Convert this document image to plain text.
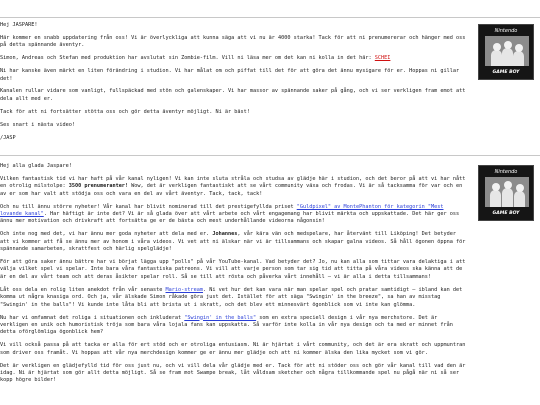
Hej JASPARE!

Här kommer en snabb uppdatering från oss! Vi är överlyckliga att kunna säga att vi nu är 4000 starka! Tack för att ni prenumererar och hänger med oss på detta spännande äventyr.

Simon, Andreas och Stefan med produktion har avslutat sin Zombie-film. Vill ni läsa mer om det kan ni kolla in det här: SCHEI

Ni har kanske även märkt en liten förändring i studion. Vi har målat om och piffat till det för att göra det ännu mysigare för er. Hoppas ni gillar det!

Kanalen rullar vidare som vanligt, fullspäckad med stön och galenskaper. Vi har massor av spännande saker på gång, och vi ser verkligen fram emot att dela allt med er.

Tack för att ni fortsätter stötta oss och gör detta äventyr möjligt. Ni är bäst!

Ses snart i nästa video!

/JASP

Nintendo
GAME BOY

Hej alla glada Jaspare!

Vilken fantastisk tid vi har haft på vår kanal nyligen! Vi kan inte sluta stråla och studsa av glädje här i studion, och det beror på att vi har nått en otrolig milstolpe: 3500 prenumeranter! Wow, det är verkligen fantastiskt att se vårt community växa och frodas. Vi är så tacksamma för var och en av er som har valt att stödja oss och vara en del av vårt äventyr. Tack, tack, tack!

Och nu till ännu större nyheter! Vår kanal har blivit nominerad till det prestigefyllda priset "Guldpixel" av MontePhanton för kategorin "Mest lovande kanal". Har häftigt är inte det? Vi är så glada över att vårt arbete och vårt engagemang har blivit märkta och uppskattade. Det här ger oss ännu mer motivation och drivkraft att fortsätta ge er de bästa och mest underhållande videorna någonsin!

Och inte nog med det, vi har ännu mer goda nyheter att dela med er. Johannes, vår kära vän och medspelare, har återvänt till Liköping! Det betyder att vi kommer att få se ännu mer av honom i våra videos. Vi vet att ni älskar när vi är tillsammans och skapar galna videos. Så håll ögonen öppna för spännande samarbeten, skrattfest och härlig spelglädje!

För att göra saker ännu bättre har vi börjat lägga upp "polls" på vår YouTube-kanal. Vad betyder det? Jo, nu kan alla som tittar vara delaktiga i att välja vilket spel vi spelar. Inte bara våra fantastiska patreons. Vi vill att varje person som tar sig tid att titta på våra videos ska känna att de är en del av vårt team och att deras åsikter spelar roll. Så se till att rösta och påverka vårt innehåll – vi är alla i detta tillsammans!

Låt oss dela en rolig liten anekdot från vår senaste Mario-stream. Ni vet hur det kan vara när man spelar spel och pratar samtidigt – ibland kan det komma ut några knasiga ord. Och ja, vår älskade Simon råkade göra just det. Istället för att säga "Swingin' in the breeze", sa han av misstag "Swingin' in the balls"! Vi kunde inte låta bli att brista ut i skratt, och det blev ett minnesvärt ögonblick som vi inte kan glömma.

Nu har vi omfamnat det roliga i situationen och inkluderat "Swingin' in the balls" som en extra speciell design i vår nya merchstore. Det är verkligen en unik och humoristisk tröja som bara våra lojala fans kan uppskatta. Så varför inte kolla in vår nya design och ta med er minnet från detta oförglömliga ögonblick hem?

Vi vill också passa på att tacka er alla för ert stöd och er otroliga entusiasm. Ni är hjärtat i vårt community, och det är era skratt och uppmuntran som driver oss framåt. Vi hoppas att vår nya merchdesign kommer ge er ännu mer glädje och att ni kommer älska den lika mycket som vi gör.

Det är verkligen en glädjefylld tid för oss just nu, och vi vill dela vår glädje med er. Tack för att ni stöder oss och gör vår kanal till vad den är idag. Ni är hjärtat som gör allt detta möjligt. Så se fram mot Swampe break, låt våldsam sketcher och några tillkommande spel nu pågå när ni så ser kopp högre bilder!

Nintendo
GAME BOY
